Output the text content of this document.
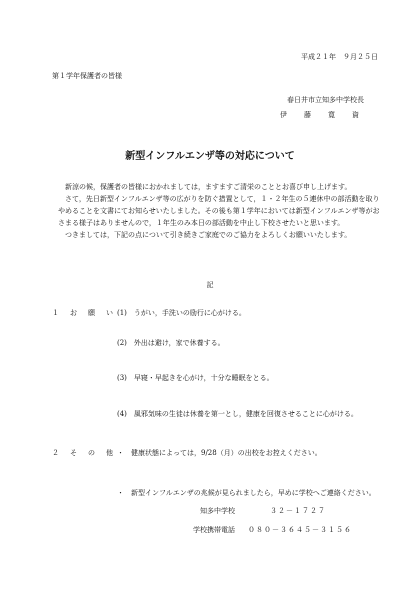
平成２１年　９月２５日
第１学年保護者の皆様
春日井市立知多中学校長
伊　藤　寛　資
新型インフルエンザ等の対応について
新涼の候，保護者の皆様におかれましては，ますますご清栄のこととお喜び申し上げます。
さて，先日新型インフルエンザ等の広がりを防ぐ措置として，１・２年生の５連休中の部活動を取りやめることを文書にてお知らせいたしました。その後も第１学年においては新型インフルエンザ等がおさまる様子はありませんので，１年生のみ本日の部活動を中止し下校させたいと思います。
つきましては，下記の点について引き続きご家庭でのご協力をよろしくお願いいたします。
記
１　お　願　い (1)　うがい，手洗いの励行に心がける。
(2)　外出は避け，家で休養する。
(3)　早寝・早起きを心がけ，十分な睡眠をとる。
(4)　風邪気味の生徒は休養を第一とし，健康を回復させることに心がける。
２　そ　の　他 ・　健康状態によっては，9/28（月）の出校をお控えください。
・　新型インフルエンザの兆候が見られましたら，早めに学校へご連絡ください。
知多中学校	３２－１７２７
学校携帯電話 ０８０－３６４５－３１５６
